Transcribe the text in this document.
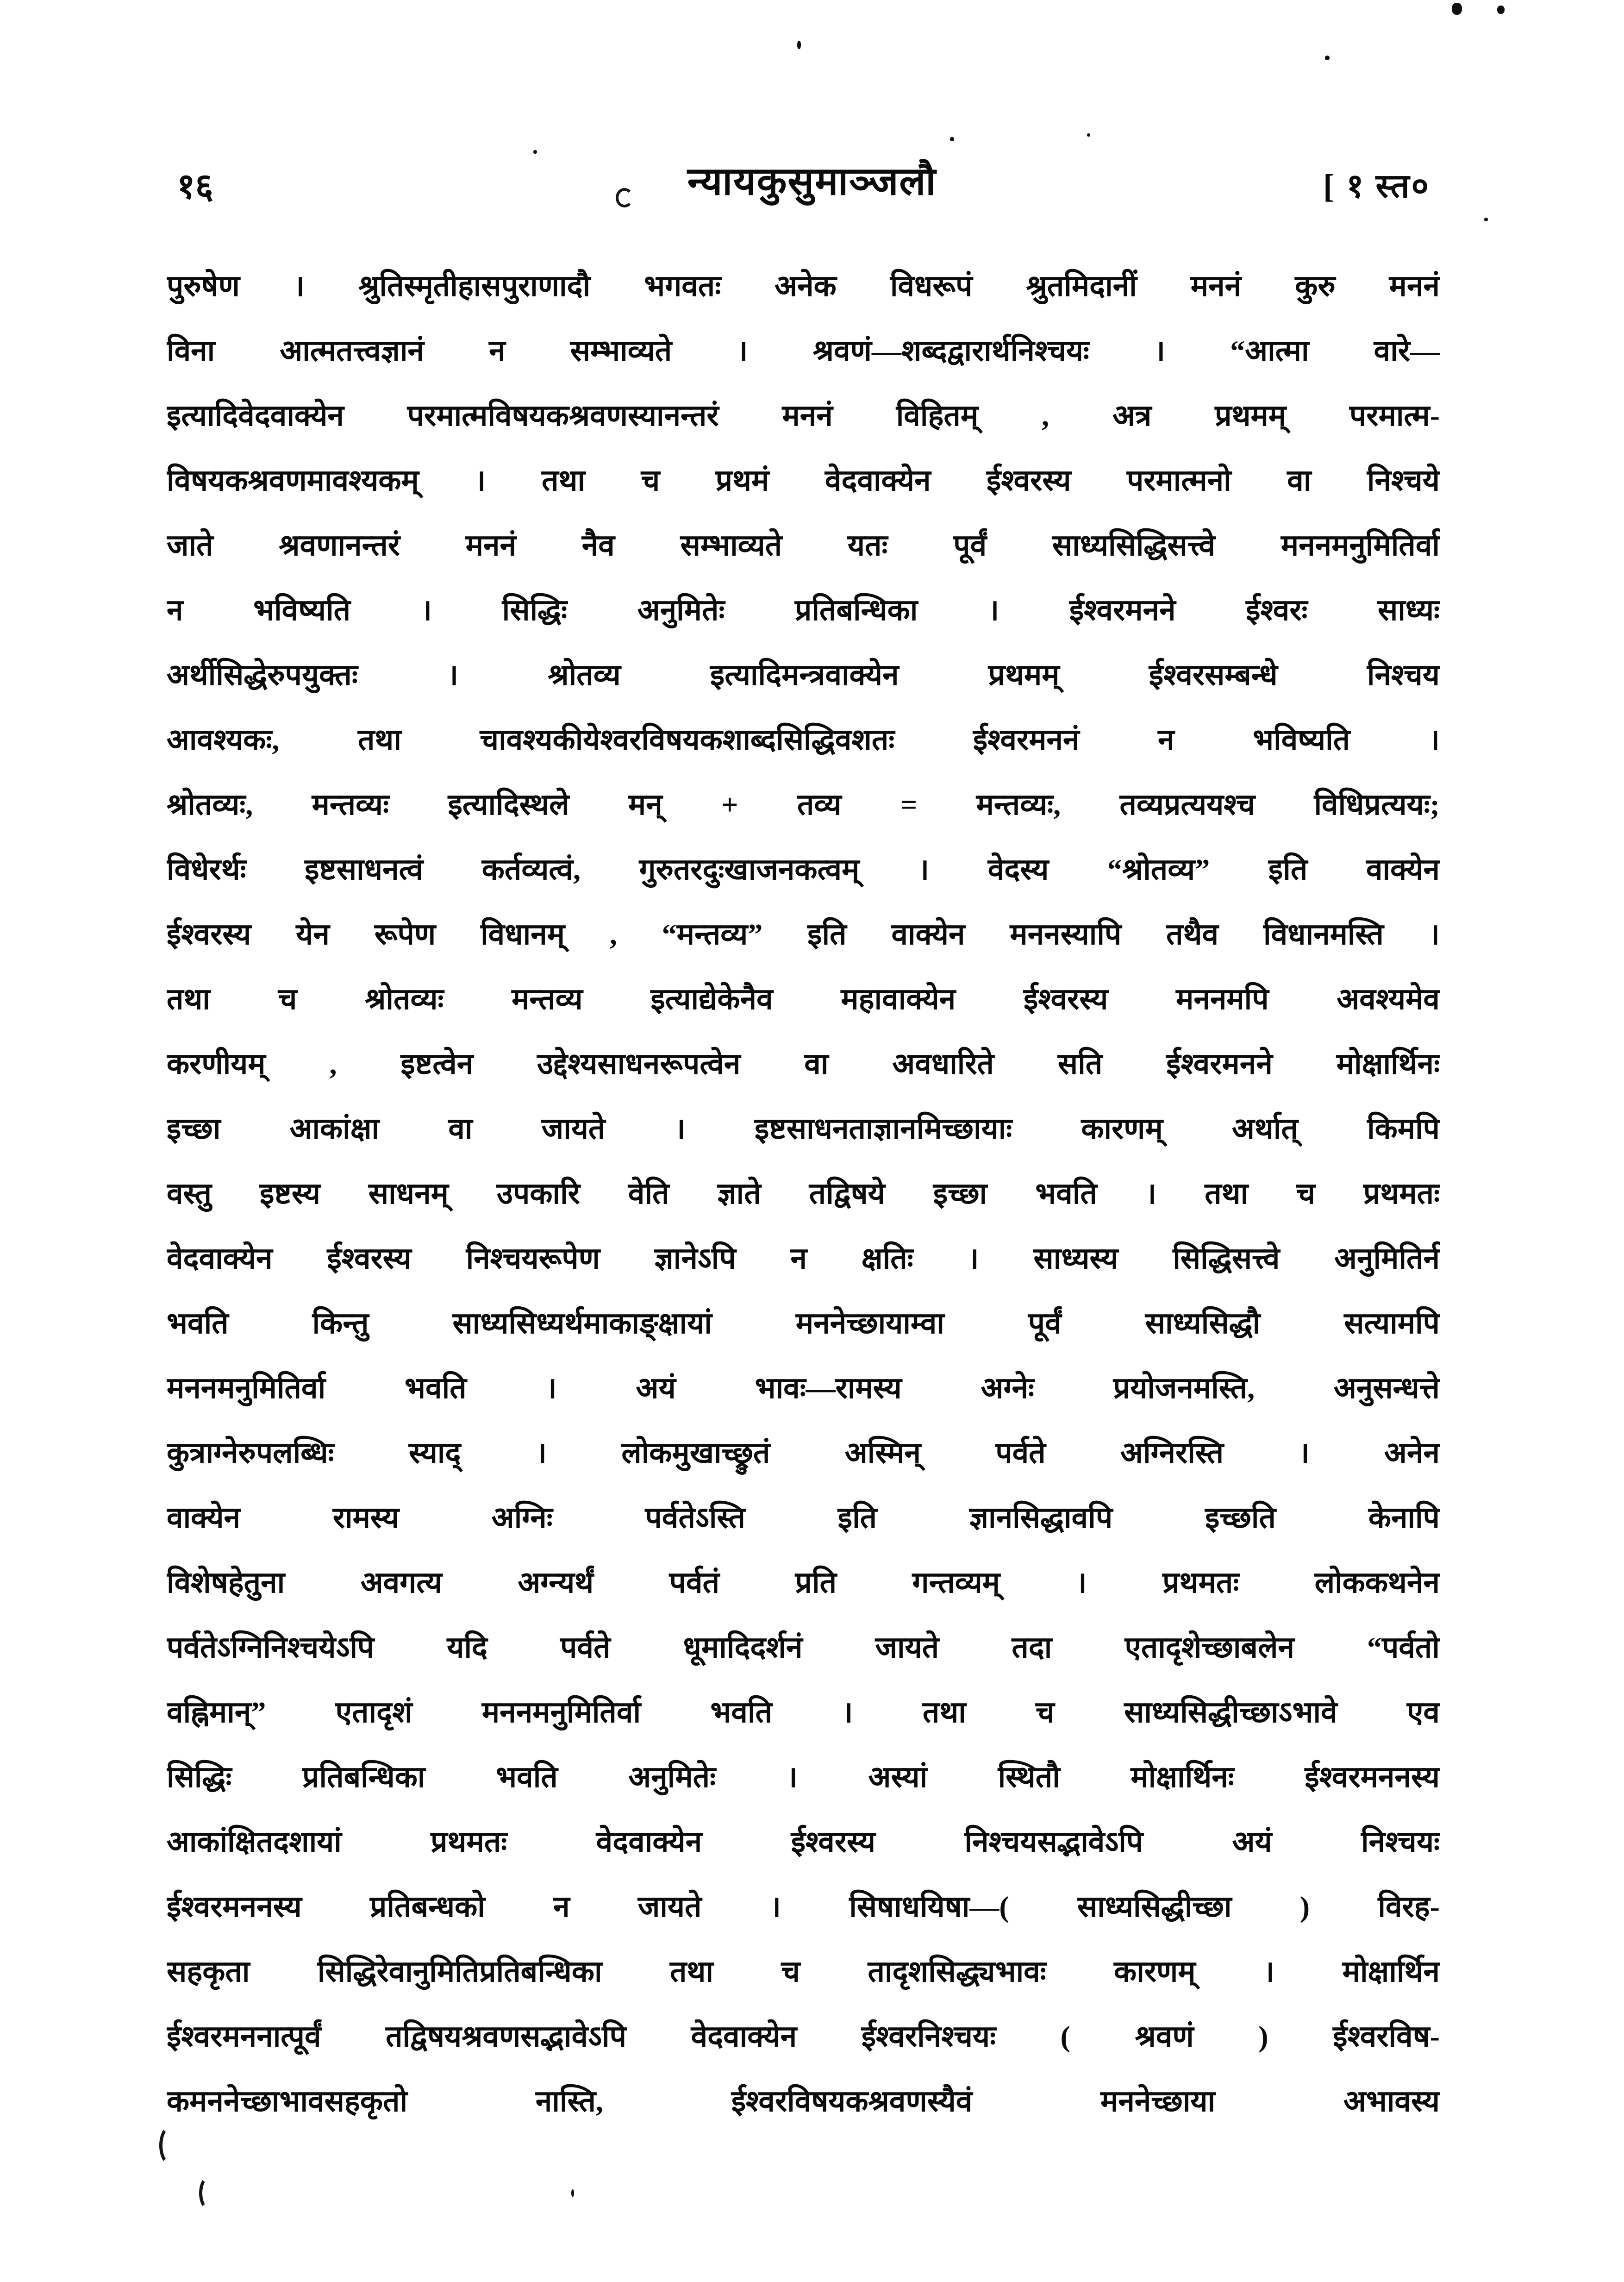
१६	न्यायकुसुमाञ्जलौ	[ १ स्त०
पुरुषेण । श्रुतिस्मृतीहासपुराणादौ भगवतः अनेक विधरूपं श्रुतमिदानीं मननं कुरु मननं
विना आत्मतत्त्वज्ञानं न सम्भाव्यते । श्रवणं—शब्दद्वारार्थनिश्चयः । “आत्मा वारे—
इत्यादिवेदवाक्येन परमात्मविषयकश्रवणस्यानन्तरं मननं विहितम् , अत्र प्रथमम् परमात्म-
विषयकश्रवणमावश्यकम् । तथा च प्रथमं वेदवाक्येन ईश्वरस्य परमात्मनो वा निश्चये
जाते श्रवणानन्तरं मननं नैव सम्भाव्यते यतः पूर्वं साध्यसिद्धिसत्त्वे मननमनुमितिर्वा
न भविष्यति । सिद्धिः अनुमितेः प्रतिबन्धिका । ईश्वरमनने ईश्वरः साध्यः
अर्थीसिद्धेरुपयुक्तः । श्रोतव्य इत्यादिमन्त्रवाक्येन प्रथमम् ईश्वरसम्बन्धे निश्चय
आवश्यकः, तथा चावश्यकीयेश्वरविषयकशाब्दसिद्धिवशतः ईश्वरमननं न भविष्यति ।
श्रोतव्यः, मन्तव्यः इत्यादिस्थले मन् + तव्य = मन्तव्यः, तव्यप्रत्ययश्च विधिप्रत्ययः;
विधेरर्थः इष्टसाधनत्वं कर्तव्यत्वं, गुरुतरदुःखाजनकत्वम् । वेदस्य “श्रोतव्य” इति वाक्येन
ईश्वरस्य येन रूपेण विधानम् , “मन्तव्य” इति वाक्येन मननस्यापि तथैव विधानमस्ति ।
तथा च श्रोतव्यः मन्तव्य इत्याद्येकेनैव महावाक्येन ईश्वरस्य मननमपि अवश्यमेव
करणीयम् , इष्टत्वेन उद्देश्यसाधनरूपत्वेन वा अवधारिते सति ईश्वरमनने मोक्षार्थिनः
इच्छा आकांक्षा वा जायते । इष्टसाधनताज्ञानमिच्छायाः कारणम् अर्थात् किमपि
वस्तु इष्टस्य साधनम् उपकारि वेति ज्ञाते तद्विषये इच्छा भवति । तथा च प्रथमतः
वेदवाक्येन ईश्वरस्य निश्चयरूपेण ज्ञानेऽपि न क्षतिः । साध्यस्य सिद्धिसत्त्वे अनुमितिर्न
भवति किन्तु साध्यसिध्यर्थमाकाङ्क्षायां मननेच्छायाम्वा पूर्वं साध्यसिद्धौ सत्यामपि
मननमनुमितिर्वा भवति । अयं भावः—रामस्य अग्नेः प्रयोजनमस्ति, अनुसन्धत्ते
कुत्राग्नेरुपलब्धिः स्याद् । लोकमुखाच्छ्रुतं अस्मिन् पर्वते अग्निरस्ति । अनेन
वाक्येन रामस्य अग्निः पर्वतेऽस्ति इति ज्ञानसिद्धावपि इच्छति केनापि
विशेषहेतुना अवगत्य अग्न्यर्थं पर्वतं प्रति गन्तव्यम् । प्रथमतः लोककथनेन
पर्वतेऽग्निनिश्चयेऽपि यदि पर्वते धूमादिदर्शनं जायते तदा एतादृशेच्छाबलेन “पर्वतो
वह्निमान्” एतादृशं मननमनुमितिर्वा भवति । तथा च साध्यसिद्धीच्छाऽभावे एव
सिद्धिः प्रतिबन्धिका भवति अनुमितेः । अस्यां स्थितौ मोक्षार्थिनः ईश्वरमननस्य
आकांक्षितदशायां प्रथमतः वेदवाक्येन ईश्वरस्य निश्चयसद्भावेऽपि अयं निश्चयः
ईश्वरमननस्य प्रतिबन्धको न जायते । सिषाधयिषा—( साध्यसिद्धीच्छा ) विरह-
सहकृता सिद्धिरेवानुमितिप्रतिबन्धिका तथा च तादृशसिद्ध्यभावः कारणम् । मोक्षार्थिन
ईश्वरमननात्पूर्वं तद्विषयश्रवणसद्भावेऽपि वेदवाक्येन ईश्वरनिश्चयः ( श्रवणं ) ईश्वरविष-
कमननेच्छाभावसहकृतो नास्ति, ईश्वरविषयकश्रवणस्यैवं मननेच्छाया अभावस्य
